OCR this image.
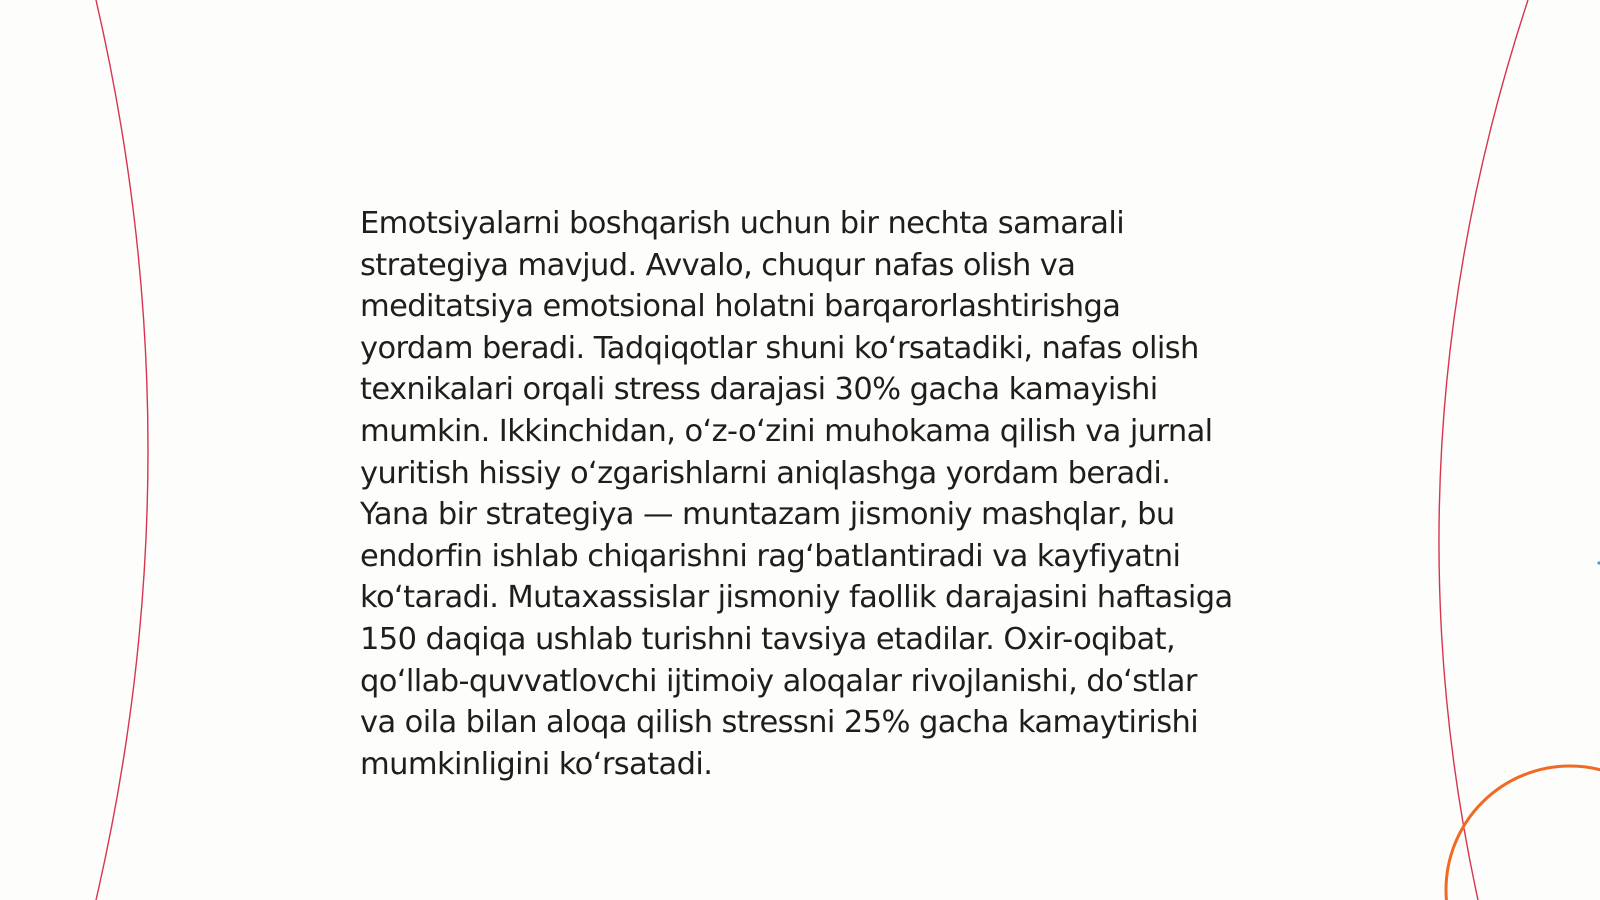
Emotsiyalarni boshqarish uchun bir nechta samarali strategiya mavjud. Avvalo, chuqur nafas olish va meditatsiya emotsional holatni barqarorlashtirishga yordam beradi. Tadqiqotlar shuni ko‘rsatadiki, nafas olish texnikalari orqali stress darajasi 30% gacha kamayishi mumkin. Ikkinchidan, o‘z-o‘zini muhokama qilish va jurnal yuritish hissiy o‘zgarishlarni aniqlashga yordam beradi. Yana bir strategiya — muntazam jismoniy mashqlar, bu endorfin ishlab chiqarishni rag‘batlantiradi va kayfiyatni ko‘taradi. Mutaxassislar jismoniy faollik darajasini haftasiga 150 daqiqa ushlab turishni tavsiya etadilar. Oxir-oqibat, qo‘llab-quvvatlovchi ijtimoiy aloqalar rivojlanishi, do‘stlar va oila bilan aloqa qilish stressni 25% gacha kamaytirishi mumkinligini ko‘rsatadi.
